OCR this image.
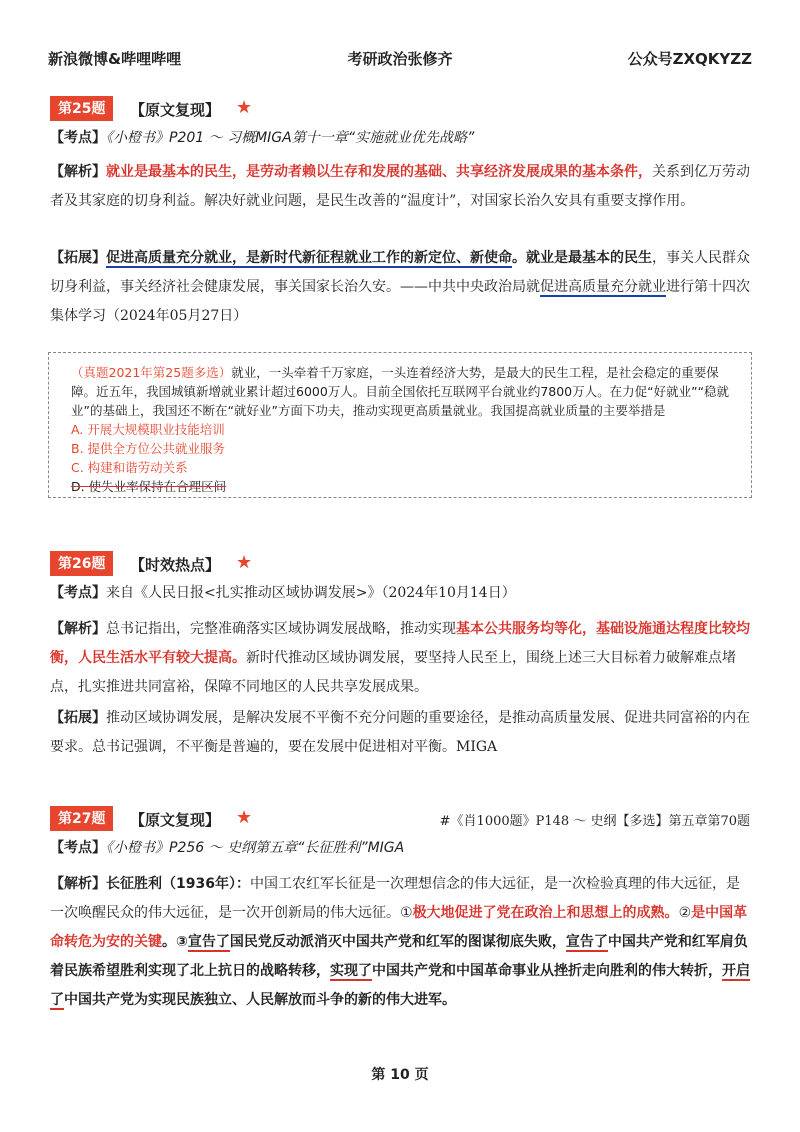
新浪微博&哔哩哔哩	考研政治张修齐	公众号ZXQKYZZ
第25题	【原文复现】 ★
【考点】《小橙书》P201 ～ 习概MIGA第十一章“实施就业优先战略”
【解析】就业是最基本的民生，是劳动者赖以生存和发展的基础、共享经济发展成果的基本条件，关系到亿万劳动者及其家庭的切身利益。解决好就业问题，是民生改善的“温度计”，对国家长治久安具有重要支撑作用。
【拓展】促进高质量充分就业，是新时代新征程就业工作的新定位、新使命。就业是最基本的民生，事关人民群众切身利益，事关经济社会健康发展，事关国家长治久安。——中共中央政治局就促进高质量充分就业进行第十四次集体学习（2024年05月27日）
（真题2021年第25题多选）就业，一头牵着千万家庭，一头连着经济大势，是最大的民生工程，是社会稳定的重要保障。近五年，我国城镇新增就业累计超过6000万人。目前全国依托互联网平台就业约7800万人。在力促“好就业”“稳就业”的基础上，我国还不断在“就好业”方面下功夫，推动实现更高质量就业。我国提高就业质量的主要举措是
A. 开展大规模职业技能培训
B. 提供全方位公共就业服务
C. 构建和谐劳动关系
D. 使失业率保持在合理区间
第26题	【时效热点】 ★
【考点】来自《人民日报<扎实推动区域协调发展>》（2024年10月14日）
【解析】总书记指出，完整准确落实区域协调发展战略，推动实现基本公共服务均等化，基础设施通达程度比较均衡，人民生活水平有较大提高。新时代推动区域协调发展，要坚持人民至上，围绕上述三大目标着力破解难点堵点，扎实推进共同富裕，保障不同地区的人民共享发展成果。
【拓展】推动区域协调发展，是解决发展不平衡不充分问题的重要途径，是推动高质量发展、促进共同富裕的内在要求。总书记强调，不平衡是普遍的，要在发展中促进相对平衡。MIGA
第27题	【原文复现】 ★	#《肖1000题》P148 ～ 史纲【多选】第五章第70题
【考点】《小橙书》P256 ～ 史纲第五章“长征胜利”MIGA
【解析】长征胜利（1936年）：中国工农红军长征是一次理想信念的伟大远征，是一次检验真理的伟大远征，是一次唤醒民众的伟大远征，是一次开创新局的伟大远征。①极大地促进了党在政治上和思想上的成熟。②是中国革命转危为安的关键。③宣告了国民党反动派消灭中国共产党和红军的图谋彻底失败，宣告了中国共产党和红军肩负着民族希望胜利实现了北上抗日的战略转移，实现了中国共产党和中国革命事业从挫折走向胜利的伟大转折，开启了中国共产党为实现民族独立、人民解放而斗争的新的伟大进军。
第 10 页
